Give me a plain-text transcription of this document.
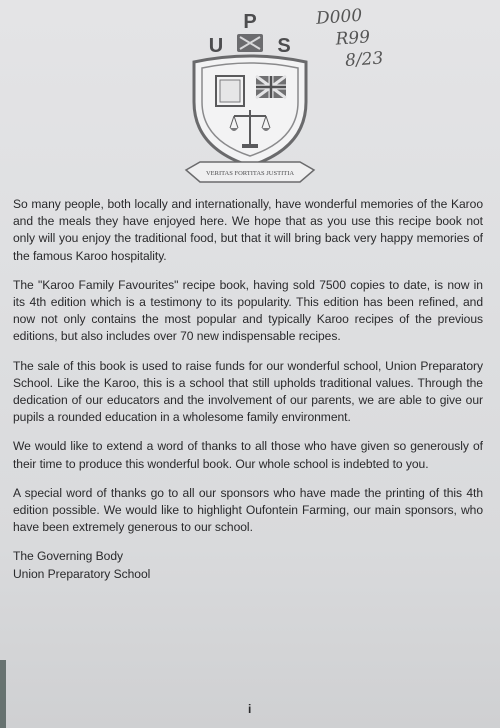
P
U	S
VERITAS FORTITAS JUSTITIA
D000
R99
8/23

So many people, both locally and internationally, have wonderful memories of the Karoo and the meals they have enjoyed here. We hope that as you use this recipe book not only will you enjoy the traditional food, but that it will bring back very happy memories of the famous Karoo hospitality.

The "Karoo Family Favourites" recipe book, having sold 7500 copies to date, is now in its 4th edition which is a testimony to its popularity. This edition has been refined, and now not only contains the most popular and typically Karoo recipes of the previous editions, but also includes over 70 new indispensable recipes.

The sale of this book is used to raise funds for our wonderful school, Union Preparatory School. Like the Karoo, this is a school that still upholds traditional values. Through the dedication of our educators and the involvement of our parents, we are able to give our pupils a rounded education in a wholesome family environment.

We would like to extend a word of thanks to all those who have given so generously of their time to produce this wonderful book. Our whole school is indebted to you.

A special word of thanks go to all our sponsors who have made the printing of this 4th edition possible. We would like to highlight Oufontein Farming, our main sponsors, who have been extremely generous to our school.

The Governing Body
Union Preparatory School
i
